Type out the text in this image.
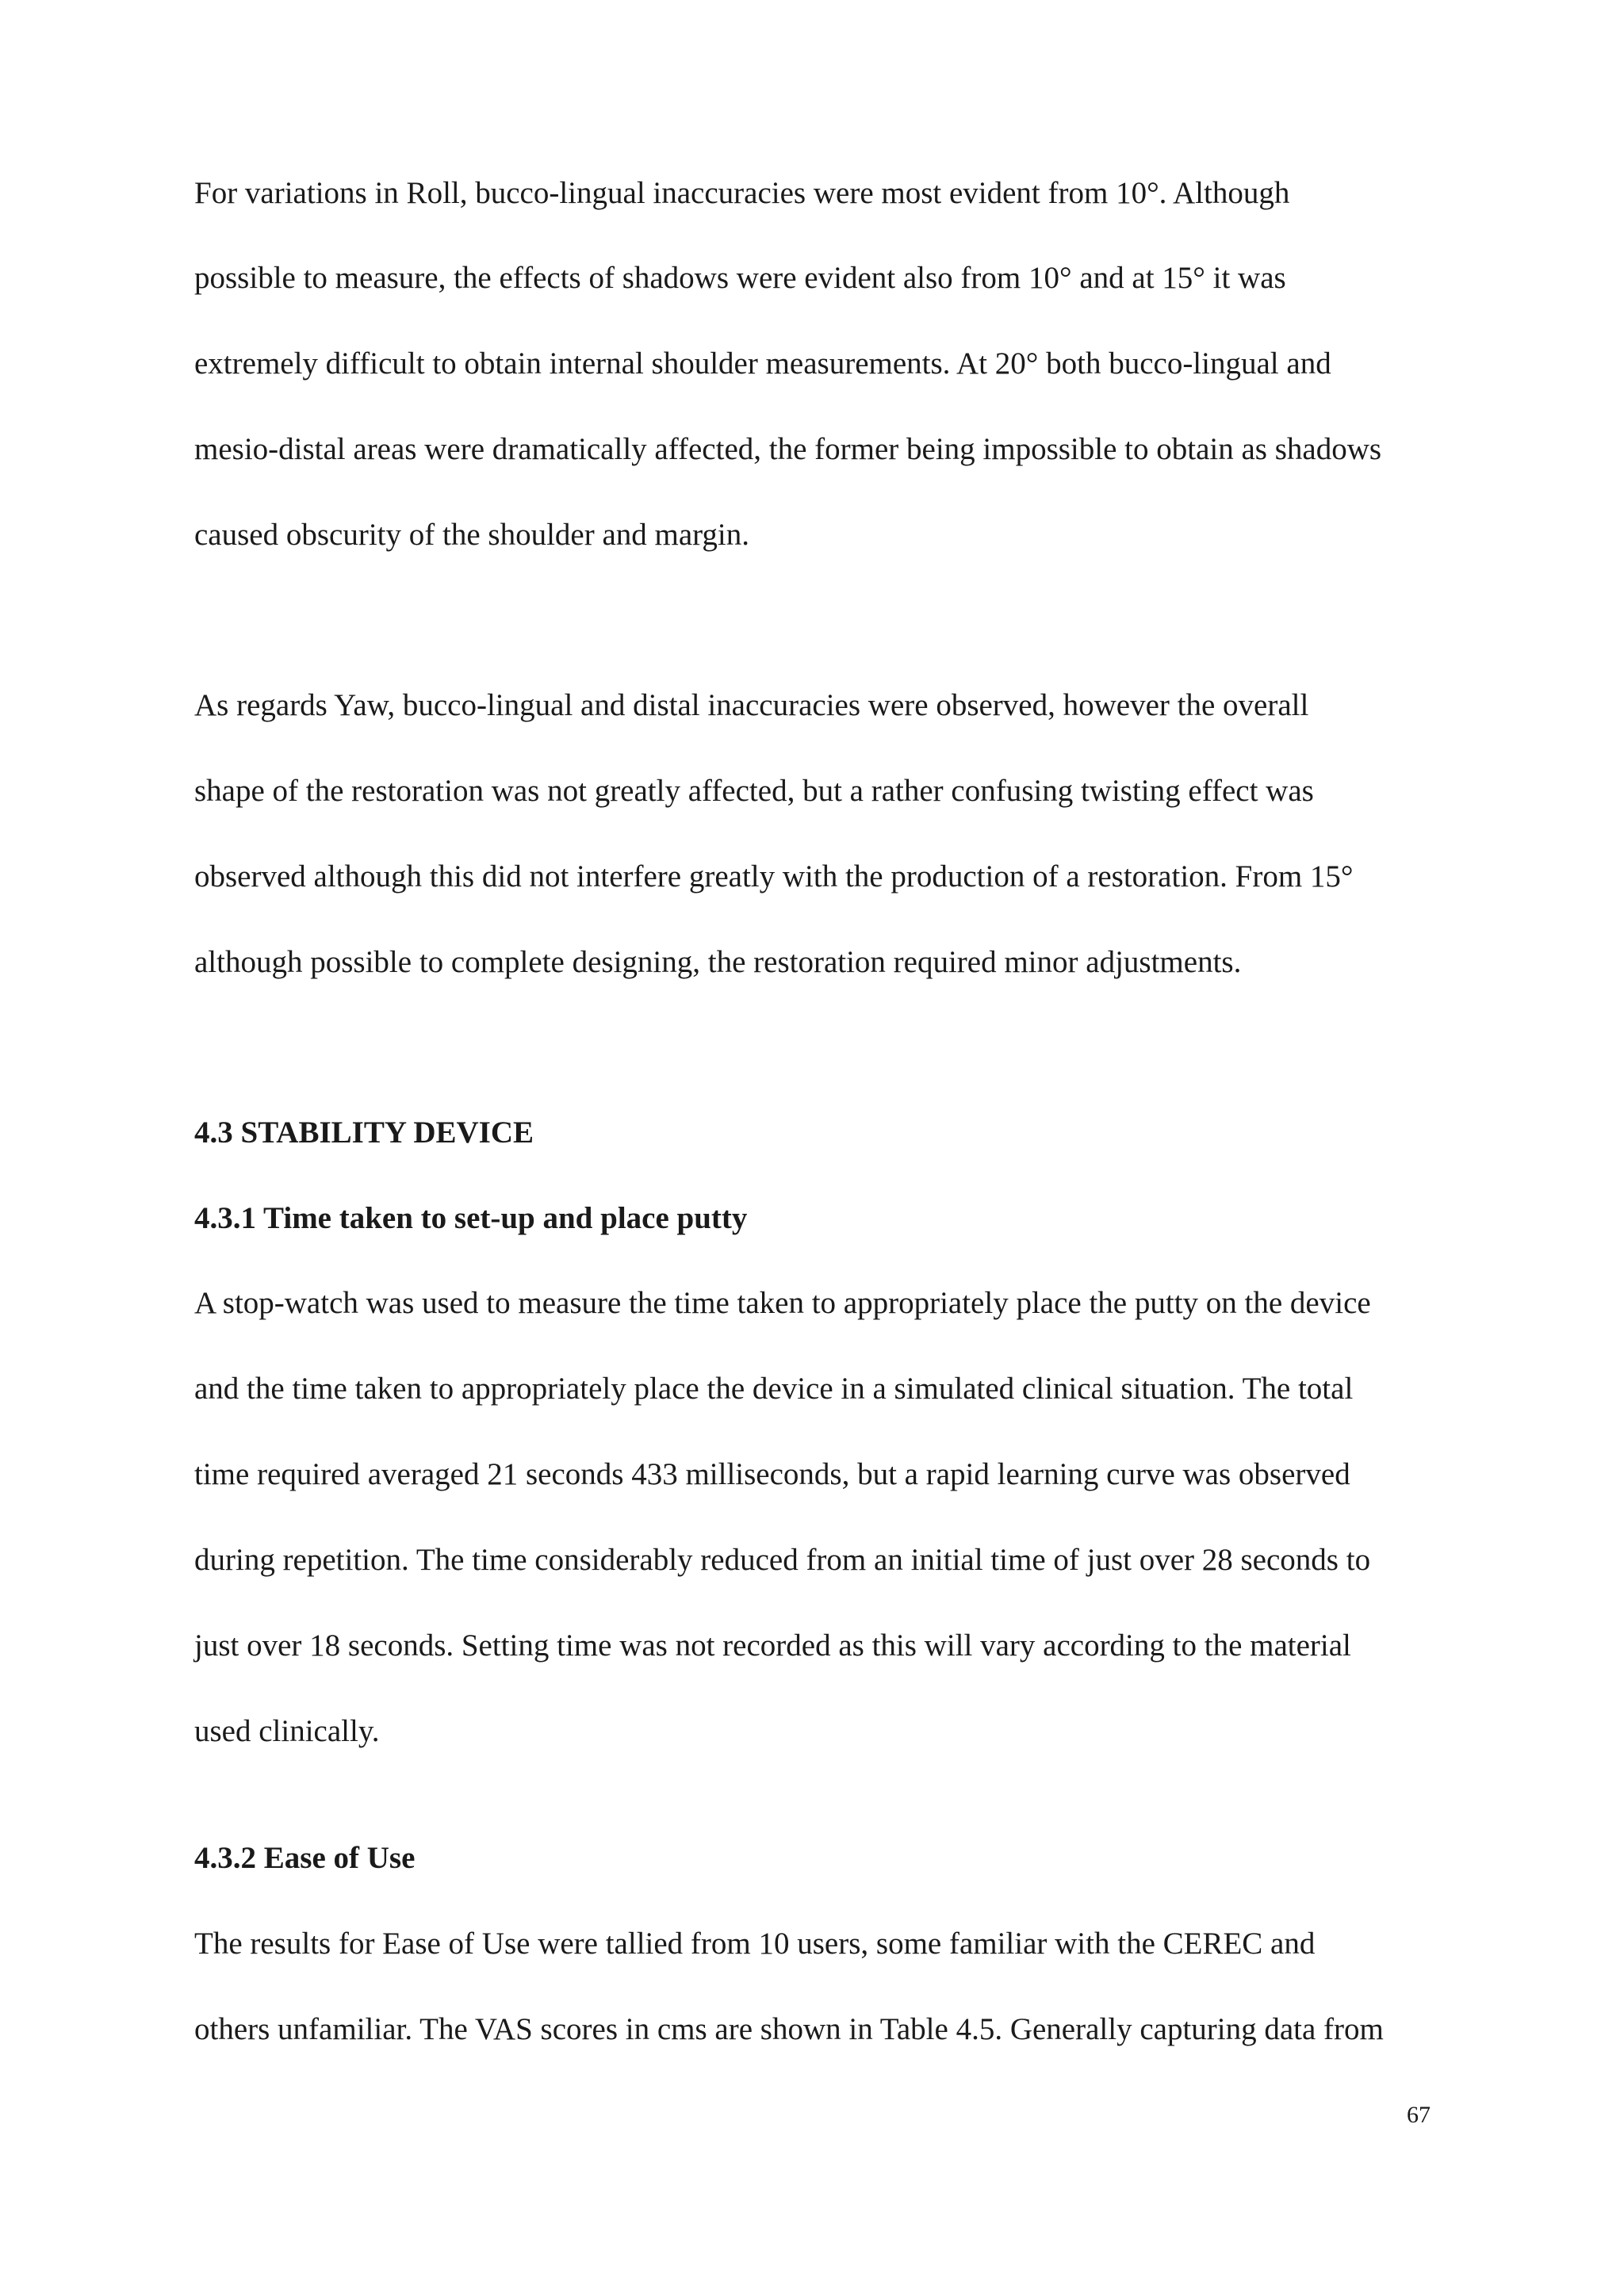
For variations in Roll, bucco-lingual inaccuracies were most evident from 10°. Although
possible to measure, the effects of shadows were evident also from 10° and at 15° it was
extremely difficult to obtain internal shoulder measurements. At 20° both bucco-lingual and
mesio-distal areas were dramatically affected, the former being impossible to obtain as shadows
caused obscurity of the shoulder and margin.
As regards Yaw, bucco-lingual and distal inaccuracies were observed, however the overall
shape of the restoration was not greatly affected, but a rather confusing twisting effect was
observed although this did not interfere greatly with the production of a restoration. From 15°
although possible to complete designing, the restoration required minor adjustments.
4.3 STABILITY DEVICE
4.3.1 Time taken to set-up and place putty
A stop-watch was used to measure the time taken to appropriately place the putty on the device
and the time taken to appropriately place the device in a simulated clinical situation. The total
time required averaged 21 seconds 433 milliseconds, but a rapid learning curve was observed
during repetition. The time considerably reduced from an initial time of just over 28 seconds to
just over 18 seconds. Setting time was not recorded as this will vary according to the material
used clinically.
4.3.2 Ease of Use
The results for Ease of Use were tallied from 10 users, some familiar with the CEREC and
others unfamiliar. The VAS scores in cms are shown in Table 4.5. Generally capturing data from
67
